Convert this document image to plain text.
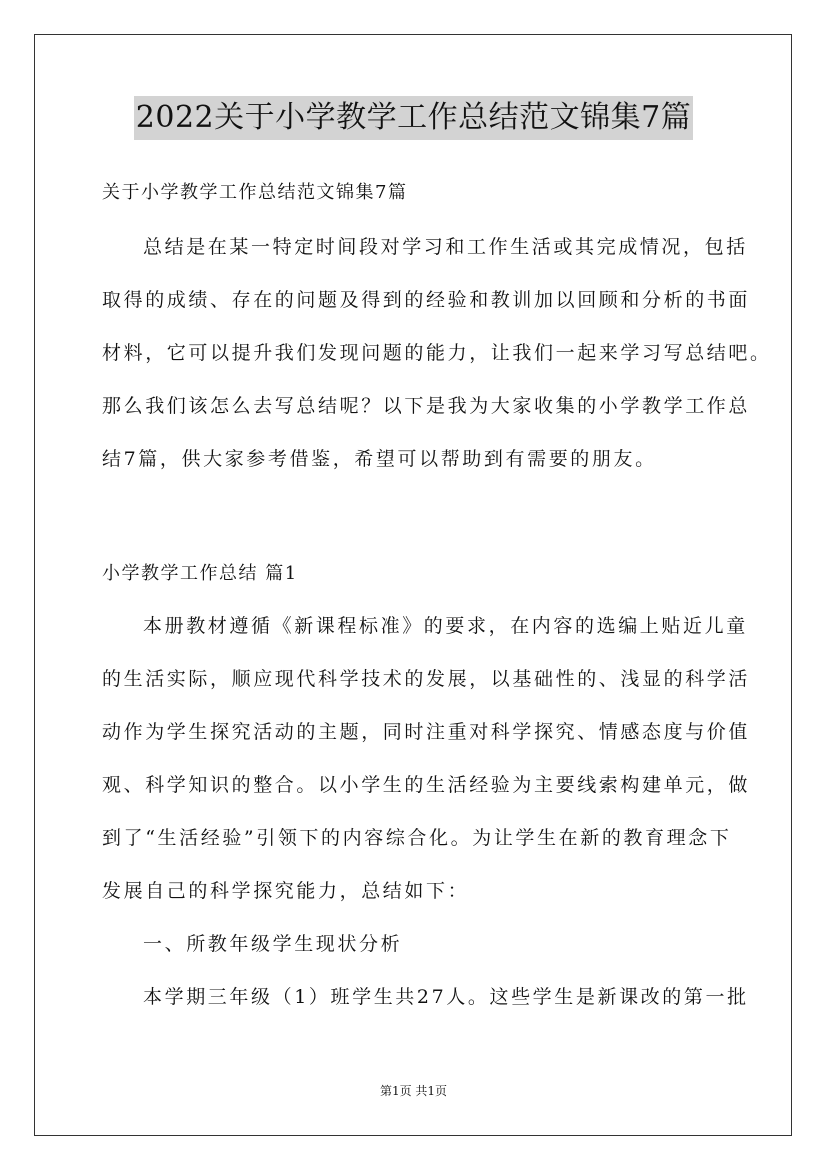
2022关于小学教学工作总结范文锦集7篇
关于小学教学工作总结范文锦集7篇
总结是在某一特定时间段对学习和工作生活或其完成情况，包括
取得的成绩、存在的问题及得到的经验和教训加以回顾和分析的书面
材料，它可以提升我们发现问题的能力，让我们一起来学习写总结吧。
那么我们该怎么去写总结呢？以下是我为大家收集的小学教学工作总
结7篇，供大家参考借鉴，希望可以帮助到有需要的朋友。
小学教学工作总结 篇1
本册教材遵循《新课程标准》的要求，在内容的选编上贴近儿童
的生活实际，顺应现代科学技术的发展，以基础性的、浅显的科学活
动作为学生探究活动的主题，同时注重对科学探究、情感态度与价值
观、科学知识的整合。以小学生的生活经验为主要线索构建单元，做
到了“生活经验”引领下的内容综合化。为让学生在新的教育理念下
发展自己的科学探究能力，总结如下：
一、所教年级学生现状分析
本学期三年级（1）班学生共27人。这些学生是新课改的第一批
第1页 共1页
